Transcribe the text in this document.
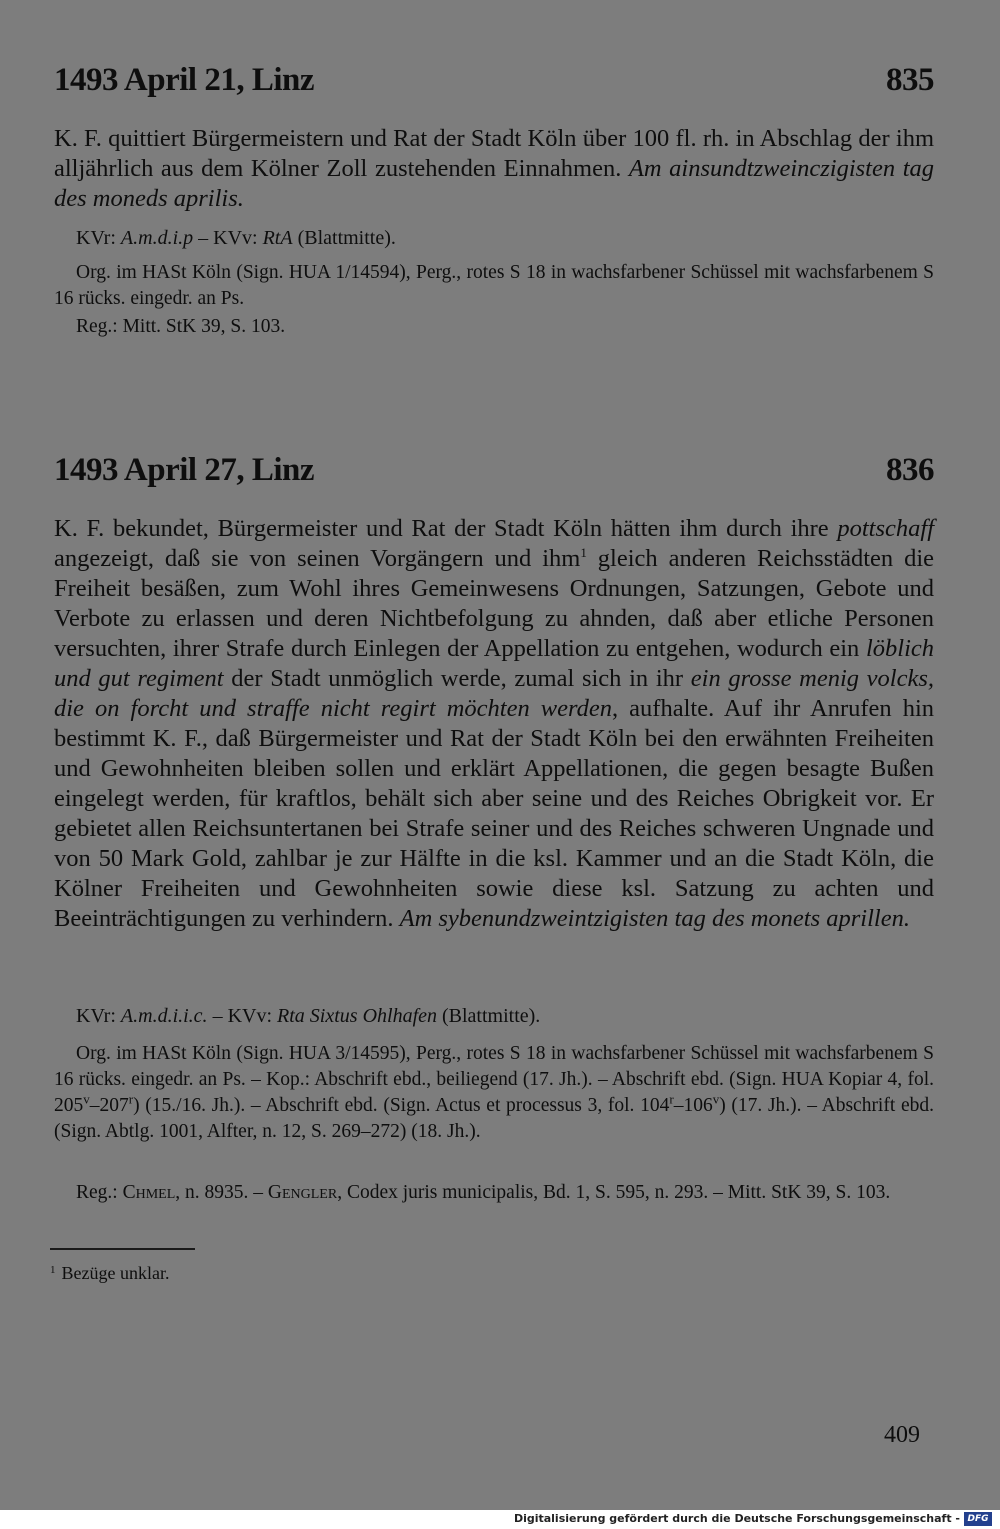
1493 April 21, Linz	835
K. F. quittiert Bürgermeistern und Rat der Stadt Köln über 100 fl. rh. in Abschlag der ihm alljährlich aus dem Kölner Zoll zustehenden Einnahmen. Am ainsundtzweinczigisten tag des moneds aprilis.
KVr: A.m.d.i.p – KVv: RtA (Blattmitte).
Org. im HASt Köln (Sign. HUA 1/14594), Perg., rotes S 18 in wachsfarbener Schüssel mit wachsfarbenem S 16 rücks. eingedr. an Ps.
Reg.: Mitt. StK 39, S. 103.
1493 April 27, Linz	836
K. F. bekundet, Bürgermeister und Rat der Stadt Köln hätten ihm durch ihre pottschaff angezeigt, daß sie von seinen Vorgängern und ihm$^1$ gleich anderen Reichsstädten die Freiheit besäßen, zum Wohl ihres Gemeinwesens Ordnungen, Satzungen, Gebote und Verbote zu erlassen und deren Nichtbefolgung zu ahnden, daß aber etliche Personen versuchten, ihrer Strafe durch Einlegen der Appellation zu entgehen, wodurch ein löblich und gut regiment der Stadt unmöglich werde, zumal sich in ihr ein grosse menig volcks, die on forcht und straffe nicht regirt möchten werden, aufhalte. Auf ihr Anrufen hin bestimmt K. F., daß Bürgermeister und Rat der Stadt Köln bei den erwähnten Freiheiten und Gewohnheiten bleiben sollen und erklärt Appellationen, die gegen besagte Bußen eingelegt werden, für kraftlos, behält sich aber seine und des Reiches Obrigkeit vor. Er gebietet allen Reichsuntertanen bei Strafe seiner und des Reiches schweren Ungnade und von 50 Mark Gold, zahlbar je zur Hälfte in die ksl. Kammer und an die Stadt Köln, die Kölner Freiheiten und Gewohnheiten sowie diese ksl. Satzung zu achten und Beeinträchtigungen zu verhindern. Am sybenundzweintzigisten tag des monets aprillen.
KVr: A.m.d.i.i.c. – KVv: Rta Sixtus Ohlhafen (Blattmitte).
Org. im HASt Köln (Sign. HUA 3/14595), Perg., rotes S 18 in wachsfarbener Schüssel mit wachsfarbenem S 16 rücks. eingedr. an Ps. – Kop.: Abschrift ebd., beiliegend (17. Jh.). – Abschrift ebd. (Sign. HUA Kopiar 4, fol. 205$^v$–207$^r$) (15./16. Jh.). – Abschrift ebd. (Sign. Actus et processus 3, fol. 104$^r$–106$^v$) (17. Jh.). – Abschrift ebd. (Sign. Abtlg. 1001, Alfter, n. 12, S. 269–272) (18. Jh.).
Reg.: Chmel, n. 8935. – Gengler, Codex juris municipalis, Bd. 1, S. 595, n. 293. – Mitt. StK 39, S. 103.
$^1$ Bezüge unklar.
409
Digitalisierung gefördert durch die Deutsche Forschungsgemeinschaft - DFG
